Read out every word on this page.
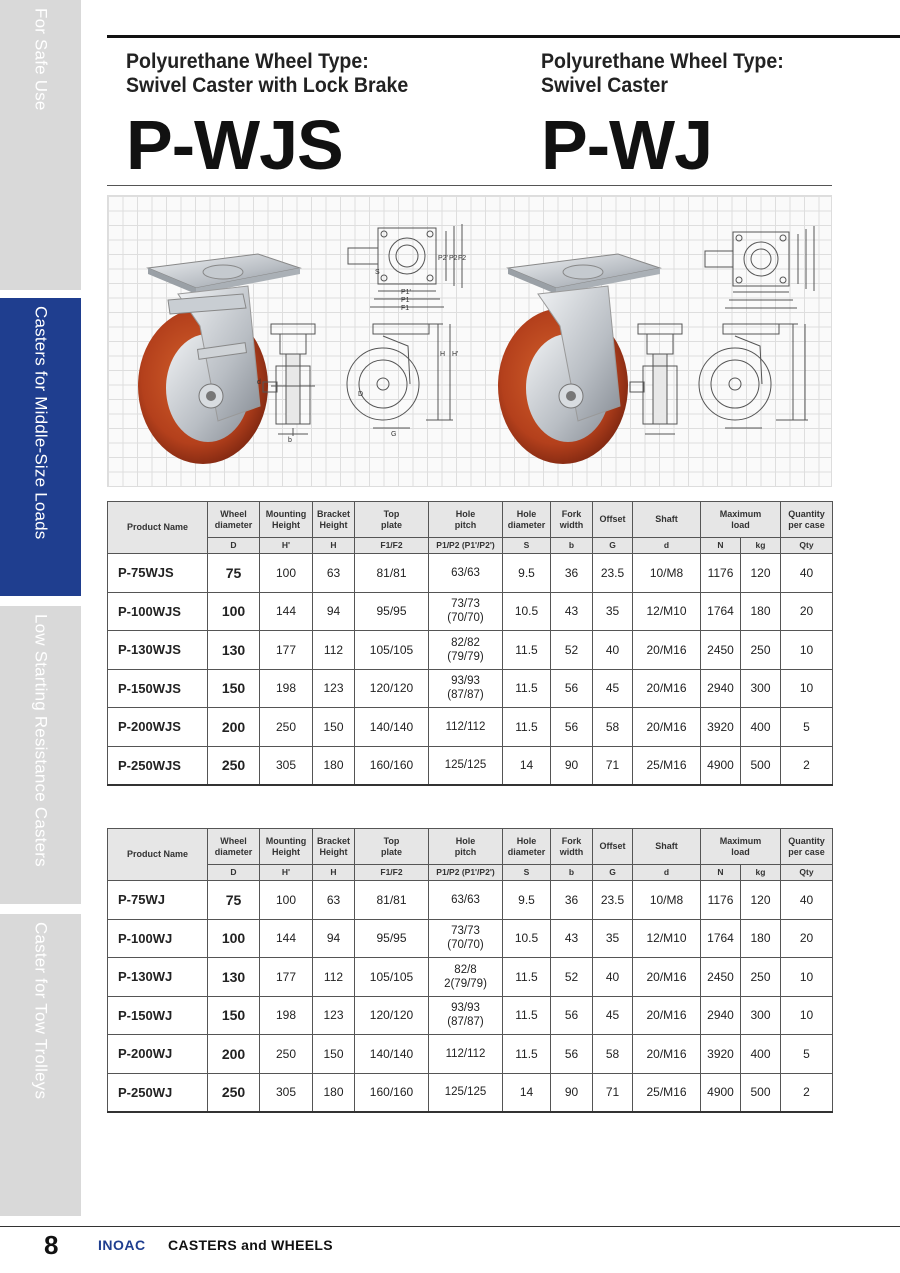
For Safe Use
Casters for Middle-Size Loads
Low Starting Resistance Casters
Caster for Tow Trolleys
Polyurethane Wheel Type:
Swivel Caster with Lock Brake
P-WJS
Polyurethane Wheel Type:
Swivel Caster
P-WJ
P2' P2 F2
P1'
P1
F1
S
d
b
H H'
D
G
Product Name	Wheel
diameter	Mounting
Height	Bracket
Height	Top
plate	Hole
pitch	Hole
diameter	Fork
width	Offset	Shaft	Maximum
load		Quantity
per case
	D	H'	H	F1/F2	P1/P2 (P1'/P2')	S	b	G	d	N	kg	Qty
P-75WJS	75	100	63	81/81	63/63	9.5	36	23.5	10/M8	1176	120	40
P-100WJS	100	144	94	95/95	73/73
(70/70)	10.5	43	35	12/M10	1764	180	20
P-130WJS	130	177	112	105/105	82/82
(79/79)	11.5	52	40	20/M16	2450	250	10
P-150WJS	150	198	123	120/120	93/93
(87/87)	11.5	56	45	20/M16	2940	300	10
P-200WJS	200	250	150	140/140	112/112	11.5	56	58	20/M16	3920	400	5
P-250WJS	250	305	180	160/160	125/125	14	90	71	25/M16	4900	500	2
Product Name	Wheel
diameter	Mounting
Height	Bracket
Height	Top
plate	Hole
pitch	Hole
diameter	Fork
width	Offset	Shaft	Maximum
load		Quantity
per case
	D	H'	H	F1/F2	P1/P2 (P1'/P2')	S	b	G	d	N	kg	Qty
P-75WJ	75	100	63	81/81	63/63	9.5	36	23.5	10/M8	1176	120	40
P-100WJ	100	144	94	95/95	73/73
(70/70)	10.5	43	35	12/M10	1764	180	20
P-130WJ	130	177	112	105/105	82/8
2(79/79)	11.5	52	40	20/M16	2450	250	10
P-150WJ	150	198	123	120/120	93/93
(87/87)	11.5	56	45	20/M16	2940	300	10
P-200WJ	200	250	150	140/140	112/112	11.5	56	58	20/M16	3920	400	5
P-250WJ	250	305	180	160/160	125/125	14	90	71	25/M16	4900	500	2
8	INOAC CASTERS and WHEELS
